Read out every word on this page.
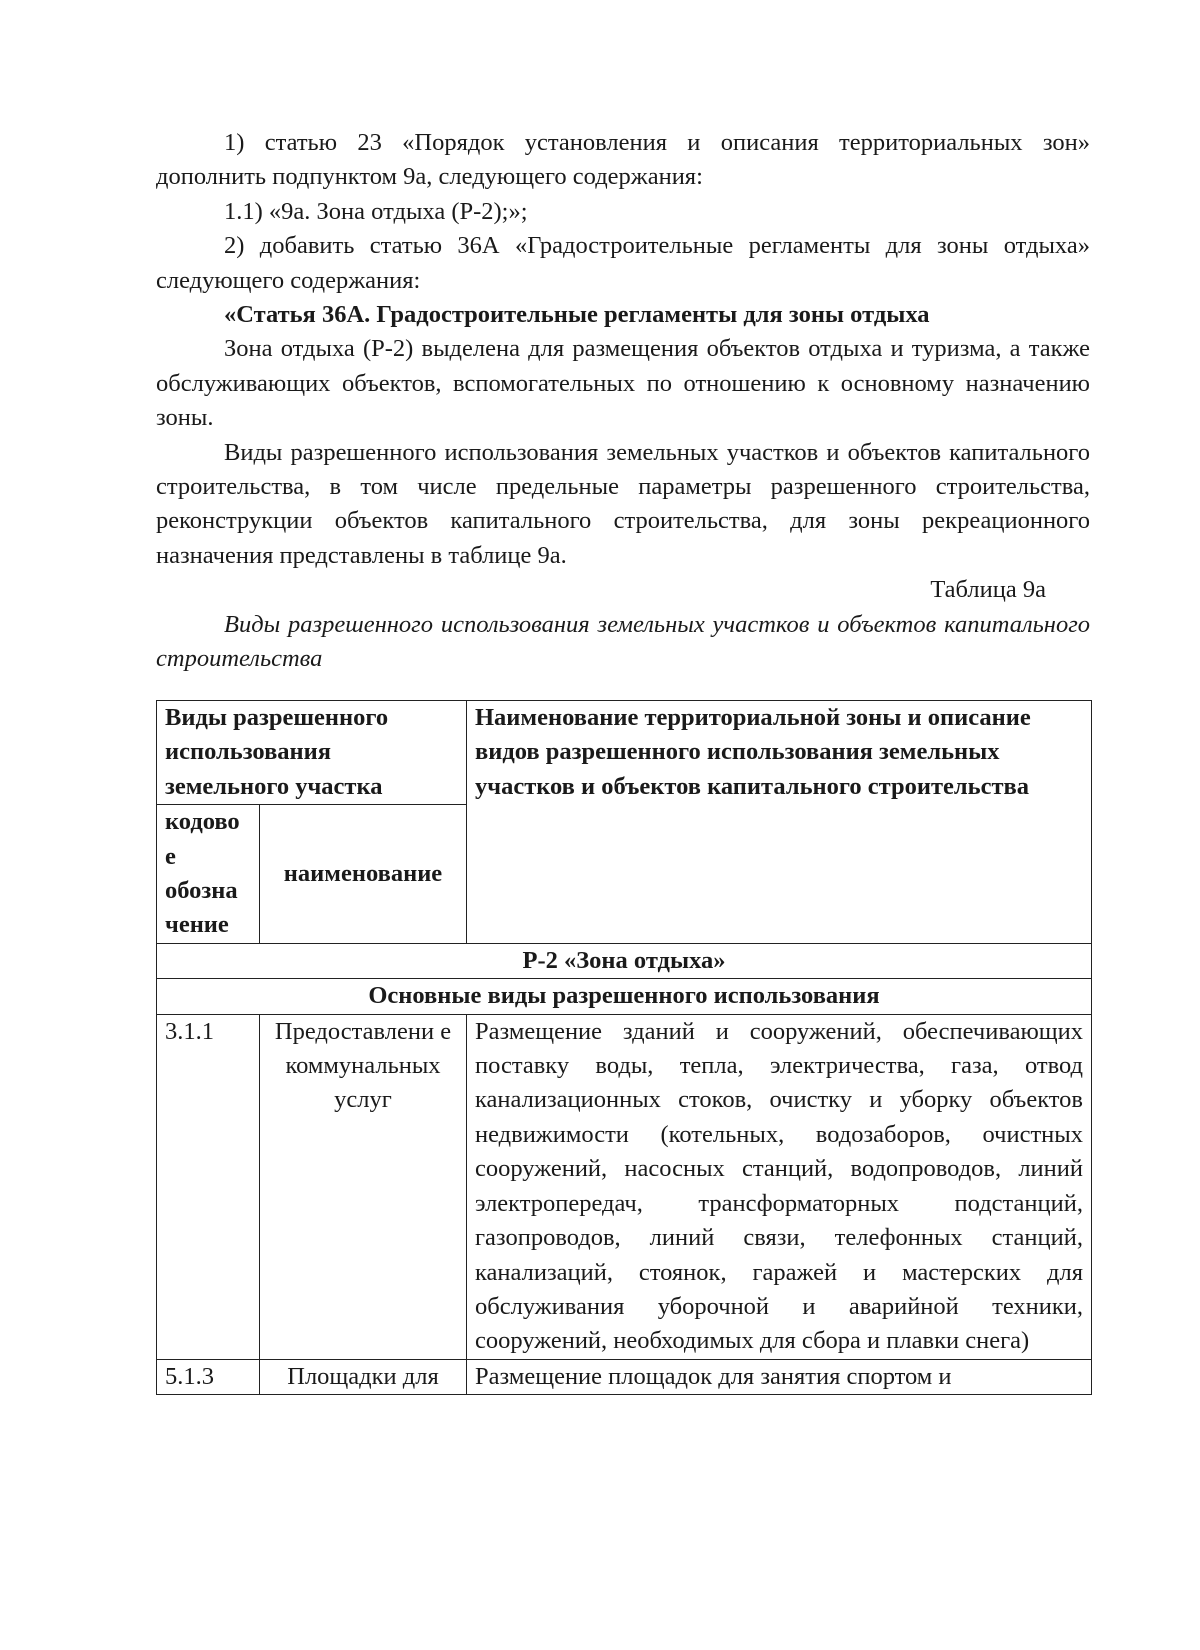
1) статью 23 «Порядок установления и описания территориальных зон» дополнить подпунктом 9а, следующего содержания:

1.1) «9а. Зона отдыха (Р-2);»;

2) добавить статью 36А «Градостроительные регламенты для зоны отдыха» следующего содержания:

«Статья 36А. Градостроительные регламенты для зоны отдыха

Зона отдыха (Р-2) выделена для размещения объектов отдыха и туризма, а также обслуживающих объектов, вспомогательных по отношению к основному назначению зоны.

Виды разрешенного использования земельных участков и объектов капитального строительства, в том числе предельные параметры разрешенного строительства, реконструкции объектов капитального строительства, для зоны рекреационного назначения представлены в таблице 9а.

Таблица 9а

Виды разрешенного использования земельных участков и объектов капитального строительства

Виды разрешенного использования земельного участка		Наименование территориальной зоны и описание видов разрешенного использования земельных участков и объектов капитального строительства
кодово е обозна чение	наименование	
Р-2 «Зона отдыха»		
Основные виды разрешенного использования		
3.1.1	Предоставлени е коммунальных услуг	Размещение зданий и сооружений, обеспечивающих поставку воды, тепла, электричества, газа, отвод канализационных стоков, очистку и уборку объектов недвижимости (котельных, водозаборов, очистных сооружений, насосных станций, водопроводов, линий электропередач, трансформаторных подстанций, газопроводов, линий связи, телефонных станций, канализаций, стоянок, гаражей и мастерских для обслуживания уборочной и аварийной техники, сооружений, необходимых для сбора и плавки снега)
5.1.3	Площадки для	Размещение площадок для занятия спортом и
